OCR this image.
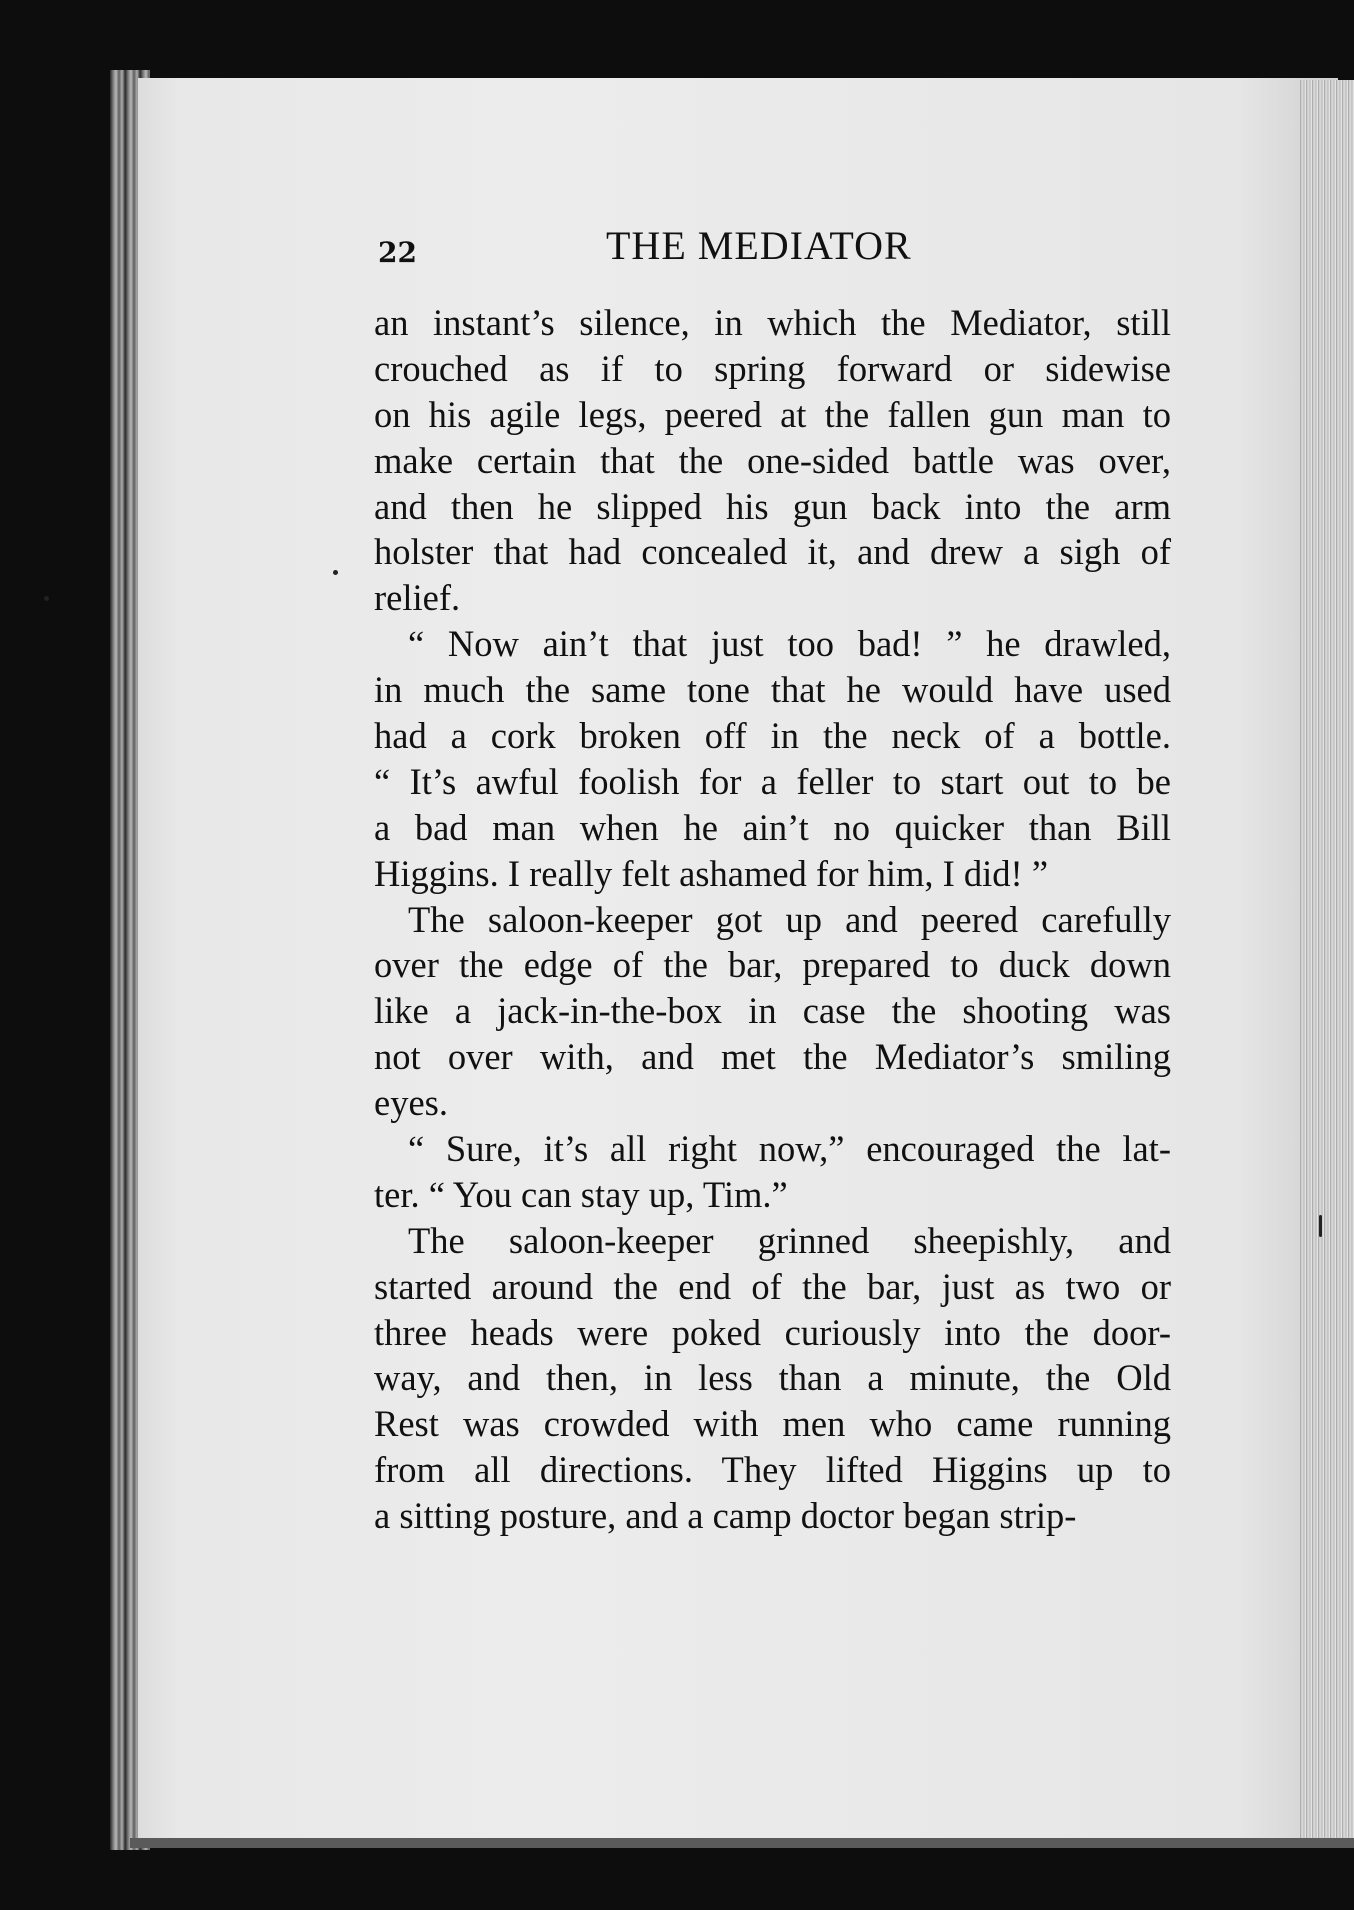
22	THE MEDIATOR
an instant’s silence, in which the Mediator, still
crouched as if to spring forward or sidewise
on his agile legs, peered at the fallen gun man to
make certain that the one-sided battle was over,
and then he slipped his gun back into the arm
holster that had concealed it, and drew a sigh of
relief.
“ Now ain’t that just too bad! ” he drawled,
in much the same tone that he would have used
had a cork broken off in the neck of a bottle.
“ It’s awful foolish for a feller to start out to be
a bad man when he ain’t no quicker than Bill
Higgins. I really felt ashamed for him, I did! ”
The saloon-keeper got up and peered carefully
over the edge of the bar, prepared to duck down
like a jack-in-the-box in case the shooting was
not over with, and met the Mediator’s smiling
eyes.
“ Sure, it’s all right now,” encouraged the lat-
ter. “ You can stay up, Tim.”
The saloon-keeper grinned sheepishly, and
started around the end of the bar, just as two or
three heads were poked curiously into the door-
way, and then, in less than a minute, the Old
Rest was crowded with men who came running
from all directions. They lifted Higgins up to
a sitting posture, and a camp doctor began strip-
